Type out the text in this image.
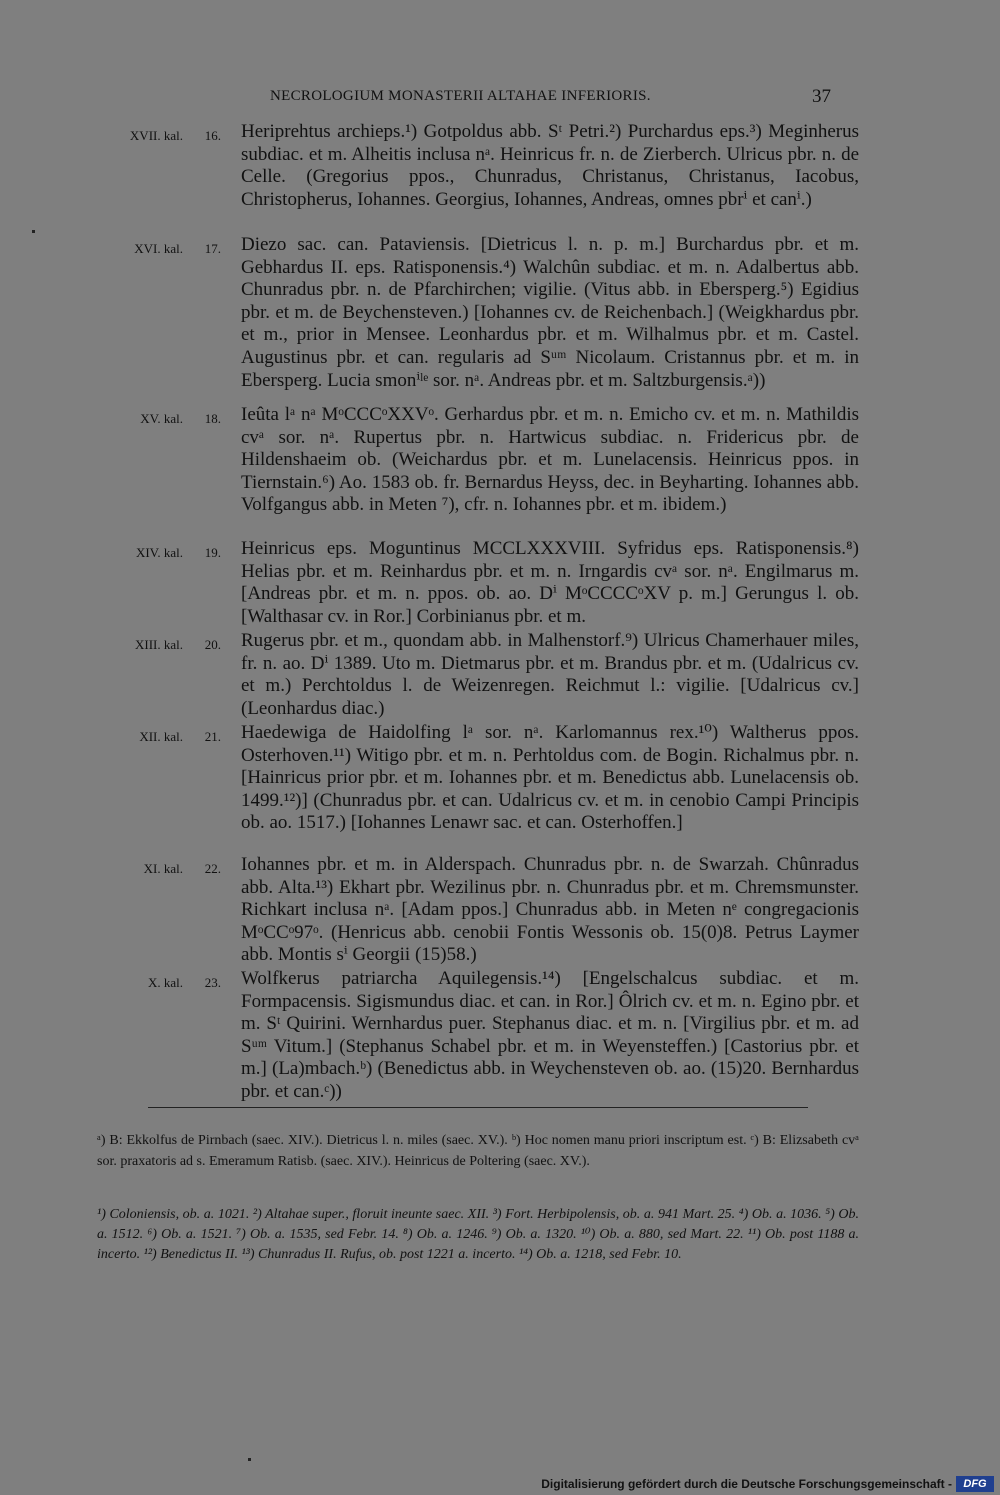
NECROLOGIUM MONASTERII ALTAHAE INFERIORIS.	37
XVII. kal.	16. Heriprehtus archieps.¹) Gotpoldus abb. Sᵗ Petri.²) Purchardus eps.³) Meginherus subdiac. et m. Alheitis inclusa nᵃ. Heinricus fr. n. de Zierberch. Ulricus pbr. n. de Celle. (Gregorius ppos., Chunradus, Christanus, Christanus, Iacobus, Christopherus, Iohannes. Georgius, Iohannes, Andreas, omnes pbrⁱ et canⁱ.)
XVI. kal.	17. Diezo sac. can. Pataviensis. [Dietricus l. n. p. m.] Burchardus pbr. et m. Gebhardus II. eps. Ratisponensis.⁴) Walchûn subdiac. et m. n. Adalbertus abb. Chunradus pbr. n. de Pfarchirchen; vigilie. (Vitus abb. in Ebersperg.⁵) Egidius pbr. et m. de Beychensteven.) [Iohannes cv. de Reichenbach.] (Weigkhardus pbr. et m., prior in Mensee. Leonhardus pbr. et m. Wilhalmus pbr. et m. Castel. Augustinus pbr. et can. regularis ad Sᵘᵐ Nicolaum. Cristannus pbr. et m. in Ebersperg. Lucia smonⁱˡᵉ sor. nᵃ. Andreas pbr. et m. Saltzburgensis.ᵃ))
XV. kal.	18. Ieûta lᵃ nᵃ MᵒCCCᵒXXVᵒ. Gerhardus pbr. et m. n. Emicho cv. et m. n. Mathildis cvᵃ sor. nᵃ. Rupertus pbr. n. Hartwicus subdiac. n. Fridericus pbr. de Hildenshaeim ob. (Weichardus pbr. et m. Lunelacensis. Heinricus ppos. in Tiernstain.⁶) Ao. 1583 ob. fr. Bernardus Heyss, dec. in Beyharting. Iohannes abb. Volfgangus abb. in Meten ⁷), cfr. n. Iohannes pbr. et m. ibidem.)
XIV. kal.	19. Heinricus eps. Moguntinus MCCLXXXVIII. Syfridus eps. Ratisponensis.⁸) Helias pbr. et m. Reinhardus pbr. et m. n. Irngardis cvᵃ sor. nᵃ. Engilmarus m. [Andreas pbr. et m. n. ppos. ob. ao. Dⁱ MᵒCCCCᵒXV p. m.] Gerungus l. ob. [Walthasar cv. in Ror.] Corbinianus pbr. et m.
XIII. kal.	20. Rugerus pbr. et m., quondam abb. in Malhenstorf.⁹) Ulricus Chamerhauer miles, fr. n. ao. Dⁱ 1389. Uto m. Dietmarus pbr. et m. Brandus pbr. et m. (Udalricus cv. et m.) Perchtoldus l. de Weizenregen. Reichmut l.: vigilie. [Udalricus cv.] (Leonhardus diac.)
XII. kal.	21. Haedewiga de Haidolfing lᵃ sor. nᵃ. Karlomannus rex.¹⁰) Waltherus ppos. Osterhoven.¹¹) Witigo pbr. et m. n. Perhtoldus com. de Bogin. Richalmus pbr. n. [Hainricus prior pbr. et m. Iohannes pbr. et m. Benedictus abb. Lunelacensis ob. 1499.¹²)] (Chunradus pbr. et can. Udalricus cv. et m. in cenobio Campi Principis ob. ao. 1517.) [Iohannes Lenawr sac. et can. Osterhoffen.]
XI. kal.	22. Iohannes pbr. et m. in Alderspach. Chunradus pbr. n. de Swarzah. Chûnradus abb. Alta.¹³) Ekhart pbr. Wezilinus pbr. n. Chunradus pbr. et m. Chremsmunster. Richkart inclusa nᵃ. [Adam ppos.] Chunradus abb. in Meten nᵉ congregacionis MᵒCCᵒ97ᵒ. (Henricus abb. cenobii Fontis Wessonis ob. 15(0)8. Petrus Laymer abb. Montis sⁱ Georgii (15)58.)
X. kal.	23. Wolfkerus patriarcha Aquilegensis.¹⁴) [Engelschalcus subdiac. et m. Formpacensis. Sigismundus diac. et can. in Ror.] Ôlrich cv. et m. n. Egino pbr. et m. Sᵗ Quirini. Wernhardus puer. Stephanus diac. et m. n. [Virgilius pbr. et m. ad Sᵘᵐ Vitum.] (Stephanus Schabel pbr. et m. in Weyensteffen.) [Castorius pbr. et m.] (La)mbach.ᵇ) (Benedictus abb. in Weychensteven ob. ao. (15)20. Bernhardus pbr. et can.ᶜ))
ᵃ) B: Ekkolfus de Pirnbach (saec. XIV.). Dietricus l. n. miles (saec. XV.). ᵇ) Hoc nomen manu priori inscriptum est. ᶜ) B: Elizsabeth cvᵃ sor. praxatoris ad s. Emeramum Ratisb. (saec. XIV.). Heinricus de Poltering (saec. XV.).
¹) Coloniensis, ob. a. 1021. ²) Altahae super., floruit ineunte saec. XII. ³) Fort. Herbipolensis, ob. a. 941 Mart. 25. ⁴) Ob. a. 1036. ⁵) Ob. a. 1512. ⁶) Ob. a. 1521. ⁷) Ob. a. 1535, sed Febr. 14. ⁸) Ob. a. 1246. ⁹) Ob. a. 1320. ¹⁰) Ob. a. 880, sed Mart. 22. ¹¹) Ob. post 1188 a. incerto. ¹²) Benedictus II. ¹³) Chunradus II. Rufus, ob. post 1221 a. incerto. ¹⁴) Ob. a. 1218, sed Febr. 10.
Digitalisierung gefördert durch die Deutsche Forschungsgemeinschaft -	DFG
